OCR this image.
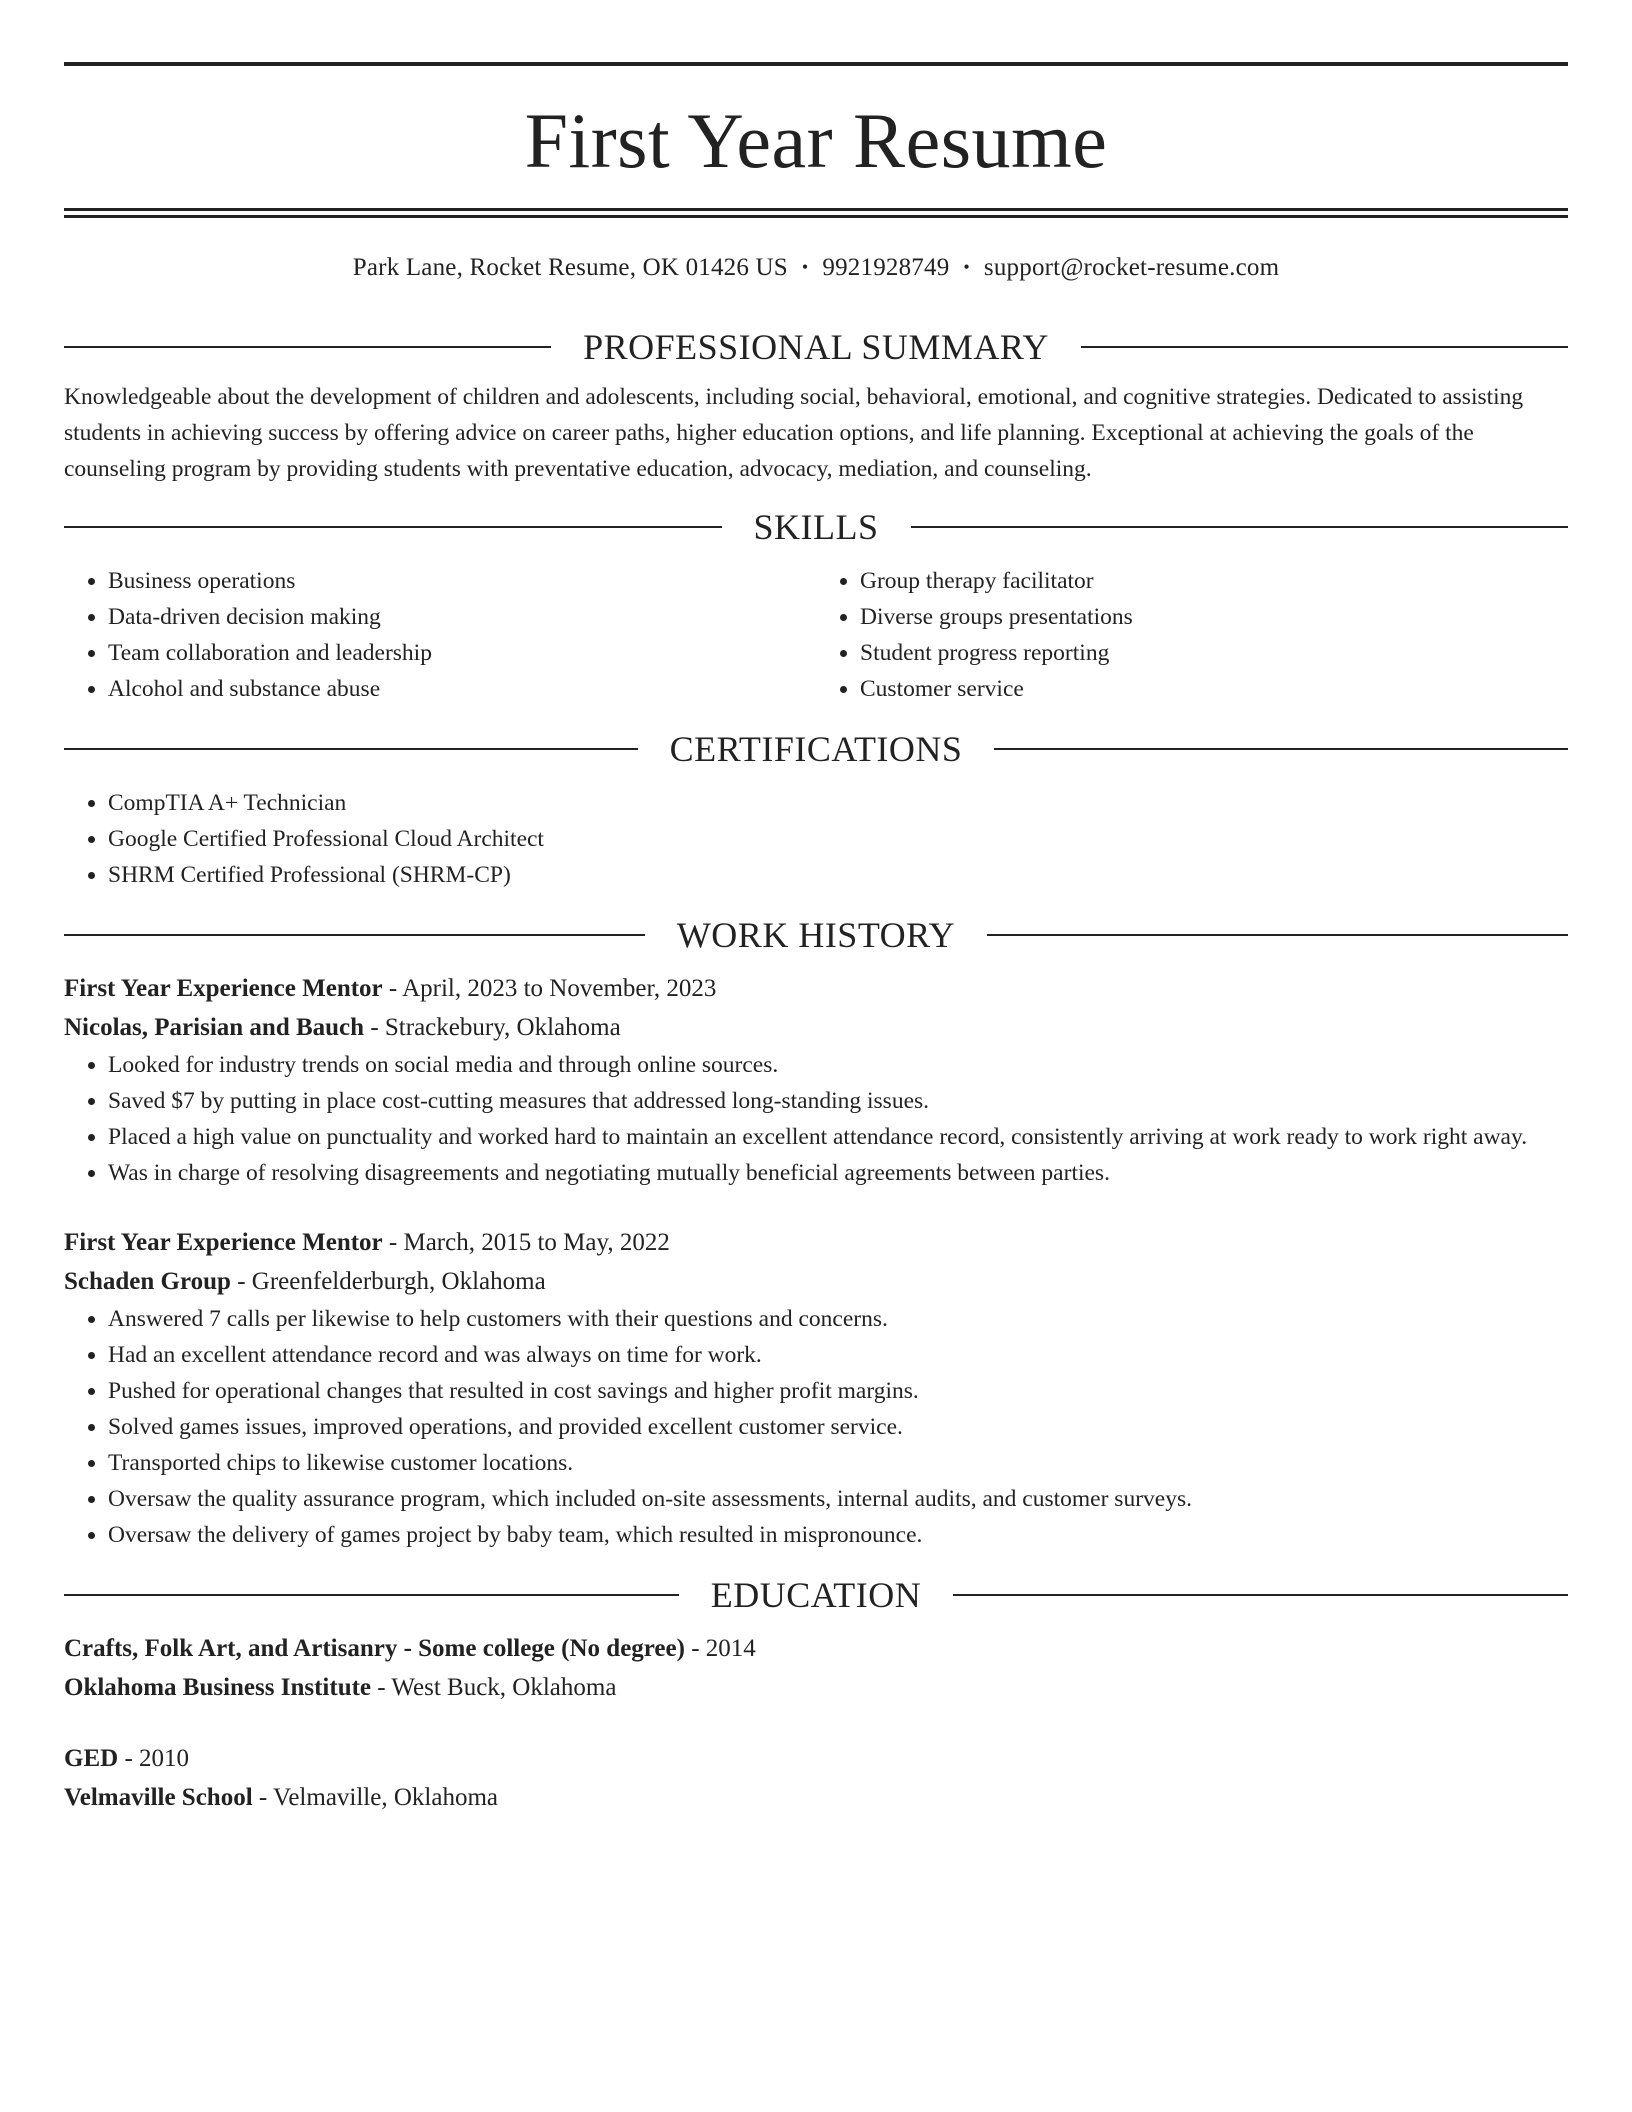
First Year Resume
Park Lane, Rocket Resume, OK 01426 US • 9921928749 • support@rocket-resume.com
PROFESSIONAL SUMMARY
Knowledgeable about the development of children and adolescents, including social, behavioral, emotional, and cognitive strategies. Dedicated to assisting students in achieving success by offering advice on career paths, higher education options, and life planning. Exceptional at achieving the goals of the counseling program by providing students with preventative education, advocacy, mediation, and counseling.
SKILLS
• Business operations
• Data-driven decision making
• Team collaboration and leadership
• Alcohol and substance abuse
• Group therapy facilitator
• Diverse groups presentations
• Student progress reporting
• Customer service
CERTIFICATIONS
• CompTIA A+ Technician
• Google Certified Professional Cloud Architect
• SHRM Certified Professional (SHRM-CP)
WORK HISTORY
First Year Experience Mentor - April, 2023 to November, 2023
Nicolas, Parisian and Bauch - Strackebury, Oklahoma
• Looked for industry trends on social media and through online sources.
• Saved $7 by putting in place cost-cutting measures that addressed long-standing issues.
• Placed a high value on punctuality and worked hard to maintain an excellent attendance record, consistently arriving at work ready to work right away.
• Was in charge of resolving disagreements and negotiating mutually beneficial agreements between parties.
First Year Experience Mentor - March, 2015 to May, 2022
Schaden Group - Greenfelderburgh, Oklahoma
• Answered 7 calls per likewise to help customers with their questions and concerns.
• Had an excellent attendance record and was always on time for work.
• Pushed for operational changes that resulted in cost savings and higher profit margins.
• Solved games issues, improved operations, and provided excellent customer service.
• Transported chips to likewise customer locations.
• Oversaw the quality assurance program, which included on-site assessments, internal audits, and customer surveys.
• Oversaw the delivery of games project by baby team, which resulted in mispronounce.
EDUCATION
Crafts, Folk Art, and Artisanry - Some college (No degree) - 2014
Oklahoma Business Institute - West Buck, Oklahoma
GED - 2010
Velmaville School - Velmaville, Oklahoma
